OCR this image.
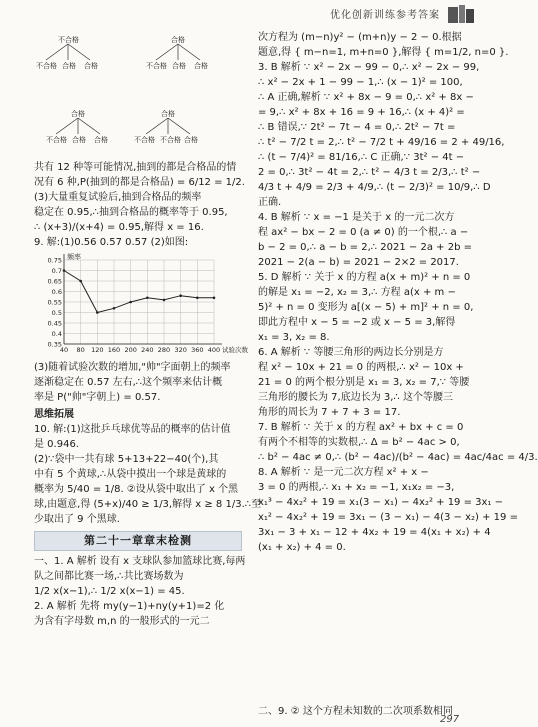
优化创新训练参考答案
不合格
不合格 合格 合格
合格
不合格 合格 合格
合格
不合格 合格 合格
合格
不合格 不合格 合格
共有 12 种等可能情况,抽到的都是合格品的情
况有 6 种,P(抽到的都是合格品) = 6/12 = 1/2.
(3)大量重复试验后,抽到合格品的频率
稳定在 0.95,∴抽到合格品的概率等于 0.95,
∴ (x+3)/(x+4) = 0.95,解得 x = 16.
9. 解:(1)0.56 0.57 0.57 (2)如图:
0.75
0.7
0.65
0.6
0.55
0.5
0.45
0.4
0.35
40 80 120 160 200 240 280 320 360 400
频率
试验次数
(3)随着试验次数的增加,"帅"字面朝上的频率
逐渐稳定在 0.57 左右,∴这个频率来估计概
率是 P("帅"字朝上) = 0.57.
思维拓展
10. 解:(1)这批乒乓球优等品的概率的估计值
是 0.946.
(2)∵袋中一共有球 5+13+22−40(个),其
中有 5 个黄球,∴从袋中摸出一个球是黄球的
概率为 5/40 = 1/8. ②设从袋中取出了 x 个黑
球,由题意,得 (5+x)/40 ≥ 1/3,解得 x ≥ 8 1/3.∴至
少取出了 9 个黑球.
第二十一章章末检测
一、1. A 解析 设有 x 支球队参加篮球比赛,每两
队之间都比赛一场,∴共比赛场数为
1/2 x(x−1),∴ 1/2 x(x−1) = 45.
2. A 解析 先将 my(y−1)+ny(y+1)=2 化
为含有字母数 m,n 的一般形式的一元二
次方程为 (m−n)y² − (m+n)y − 2 − 0.根据
题意,得 { m−n=1, m+n=0 },解得 { m=1/2, n=0 }.
3. B 解析 ∵ x² − 2x − 99 − 0,∴ x² − 2x − 99,
∴ x² − 2x + 1 − 99 − 1,∴ (x − 1)² = 100,
∴ A 正确,解析 ∵ x² + 8x − 9 = 0,∴ x² + 8x −
= 9,∴ x² + 8x + 16 = 9 + 16,∴ (x + 4)² =
∴ B 错误,∵ 2t² − 7t − 4 = 0,∴ 2t² − 7t =
∴ t² − 7/2 t = 2,∴ t² − 7/2 t + 49/16 = 2 + 49/16,
∴ (t − 7/4)² = 81/16,∴ C 正确,∵ 3t² − 4t −
2 = 0,∴ 3t² − 4t = 2,∴ t² − 4/3 t = 2/3,∴ t² −
4/3 t + 4/9 = 2/3 + 4/9,∴ (t − 2/3)² = 10/9,∴ D
正确.
4. B 解析 ∵ x = −1 是关于 x 的一元二次方
程 ax² − bx − 2 = 0 (a ≠ 0) 的一个根,∴ a −
b − 2 = 0,∴ a − b = 2,∴ 2021 − 2a + 2b =
2021 − 2(a − b) = 2021 − 2×2 = 2017.
5. D 解析 ∵ 关于 x 的方程 a(x + m)² + n = 0
的解是 x₁ = −2, x₂ = 3,∴ 方程 a(x + m −
5)² + n = 0 变形为 a[(x − 5) + m]² + n = 0,
即此方程中 x − 5 = −2 或 x − 5 = 3,解得
x₁ = 3, x₂ = 8.
6. A 解析 ∵ 等腰三角形的两边长分别是方
程 x² − 10x + 21 = 0 的两根,∴ x² − 10x +
21 = 0 的两个根分别是 x₁ = 3, x₂ = 7,∵ 等腰
三角形的腰长为 7,底边长为 3,∴ 这个等腰三
角形的周长为 7 + 7 + 3 = 17.
7. B 解析 ∵ 关于 x 的方程 ax² + bx + c = 0
有两个不相等的实数根,∴ Δ = b² − 4ac > 0,
∴ b² − 4ac ≠ 0,∴ (b² − 4ac)/(b² − 4ac) = 4ac/4ac = 4/3.
8. A 解析 ∵ 是一元二次方程 x² + x −
3 = 0 的两根,∴ x₁ + x₂ = −1, x₁x₂ = −3,
x₁³ − 4x₂² + 19 = x₁(3 − x₁) − 4x₂² + 19 = 3x₁ −
x₁² − 4x₂² + 19 = 3x₁ − (3 − x₁) − 4(3 − x₂) + 19 =
3x₁ − 3 + x₁ − 12 + 4x₂ + 19 = 4(x₁ + x₂) + 4
(x₁ + x₂) + 4 = 0.
二、9. ② 这个方程未知数的二次项系数相同
297
